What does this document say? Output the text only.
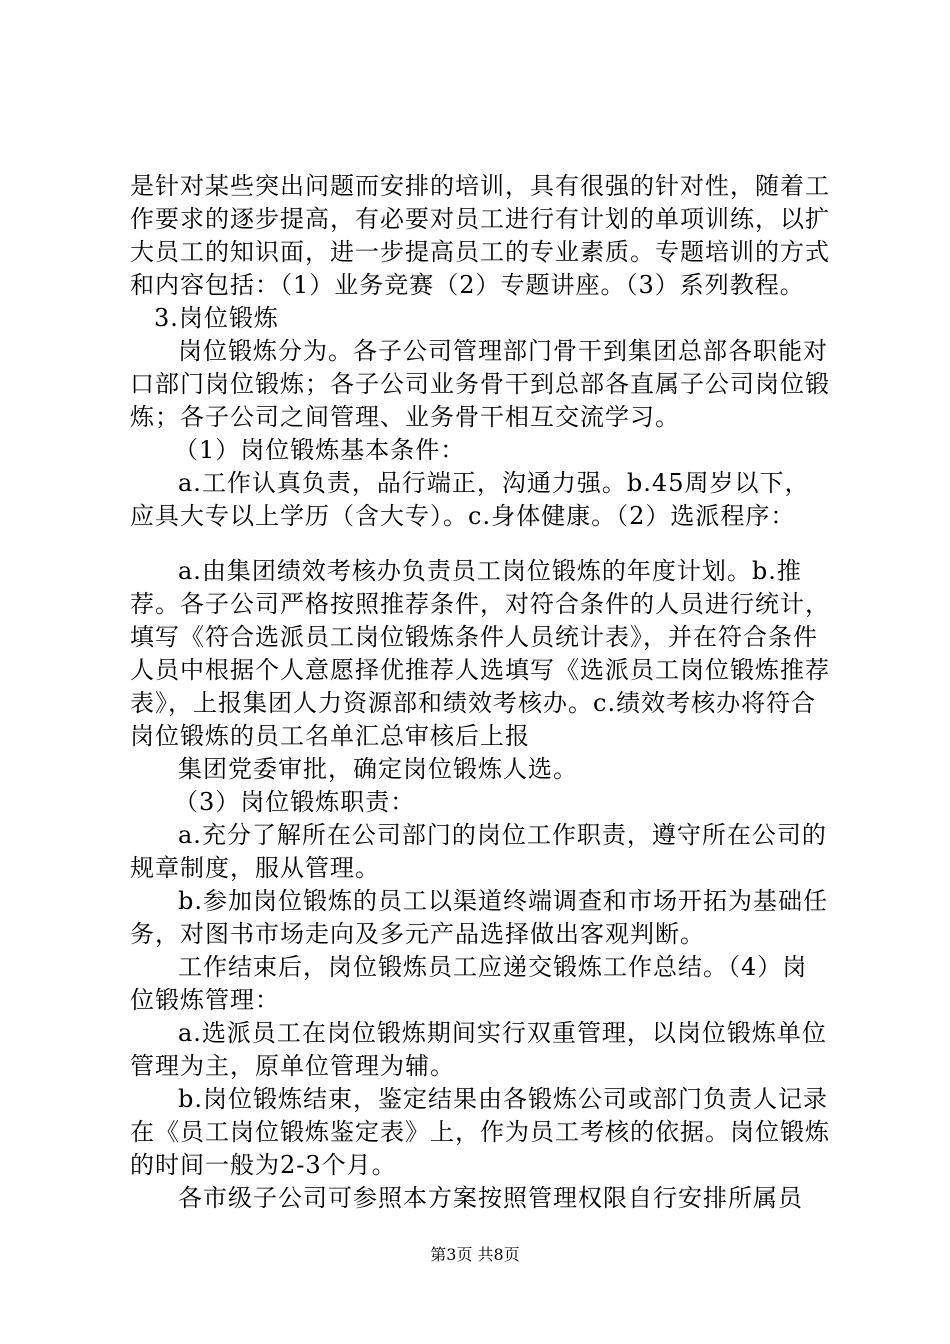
是针对某些突出问题而安排的培训，具有很强的针对性，随着工作要求的逐步提高，有必要对员工进行有计划的单项训练，以扩大员工的知识面，进一步提高员工的专业素质。专题培训的方式和内容包括：（1）业务竞赛（2）专题讲座。（3）系列教程。

3.岗位锻炼

岗位锻炼分为。各子公司管理部门骨干到集团总部各职能对口部门岗位锻炼；各子公司业务骨干到总部各直属子公司岗位锻炼；各子公司之间管理、业务骨干相互交流学习。

（1）岗位锻炼基本条件：

a.工作认真负责，品行端正，沟通力强。b.45周岁以下，应具大专以上学历（含大专）。c.身体健康。（2）选派程序：

a.由集团绩效考核办负责员工岗位锻炼的年度计划。b.推荐。各子公司严格按照推荐条件，对符合条件的人员进行统计，填写《符合选派员工岗位锻炼条件人员统计表》，并在符合条件人员中根据个人意愿择优推荐人选填写《选派员工岗位锻炼推荐表》，上报集团人力资源部和绩效考核办。c.绩效考核办将符合岗位锻炼的员工名单汇总审核后上报

集团党委审批，确定岗位锻炼人选。

（3）岗位锻炼职责：

a.充分了解所在公司部门的岗位工作职责，遵守所在公司的规章制度，服从管理。

b.参加岗位锻炼的员工以渠道终端调查和市场开拓为基础任务，对图书市场走向及多元产品选择做出客观判断。

工作结束后，岗位锻炼员工应递交锻炼工作总结。（4）岗位锻炼管理：

a.选派员工在岗位锻炼期间实行双重管理，以岗位锻炼单位管理为主，原单位管理为辅。

b.岗位锻炼结束，鉴定结果由各锻炼公司或部门负责人记录在《员工岗位锻炼鉴定表》上，作为员工考核的依据。岗位锻炼的时间一般为2-3个月。

各市级子公司可参照本方案按照管理权限自行安排所属员

第3页 共8页
